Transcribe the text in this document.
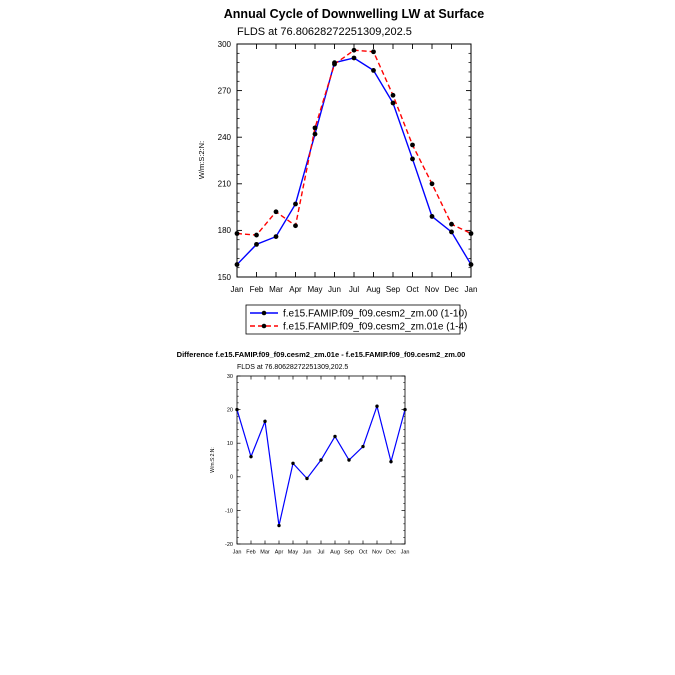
Annual Cycle of Downwelling LW at Surface
FLDS at 76.80628272251309,202.5
W/m:S:2:N:
150
180
210
240
270
300
Jan Feb Mar Apr May Jun Jul Aug Sep Oct Nov Dec Jan
f.e15.FAMIP.f09_f09.cesm2_zm.00 (1-10)
f.e15.FAMIP.f09_f09.cesm2_zm.01e (1-4)
Difference f.e15.FAMIP.f09_f09.cesm2_zm.01e - f.e15.FAMIP.f09_f09.cesm2_zm.00
FLDS at 76.80628272251309,202.5
W/m:S:2:N:
-20
-10
0
10
20
30
Jan Feb Mar Apr May Jun Jul Aug Sep Oct Nov Dec Jan
